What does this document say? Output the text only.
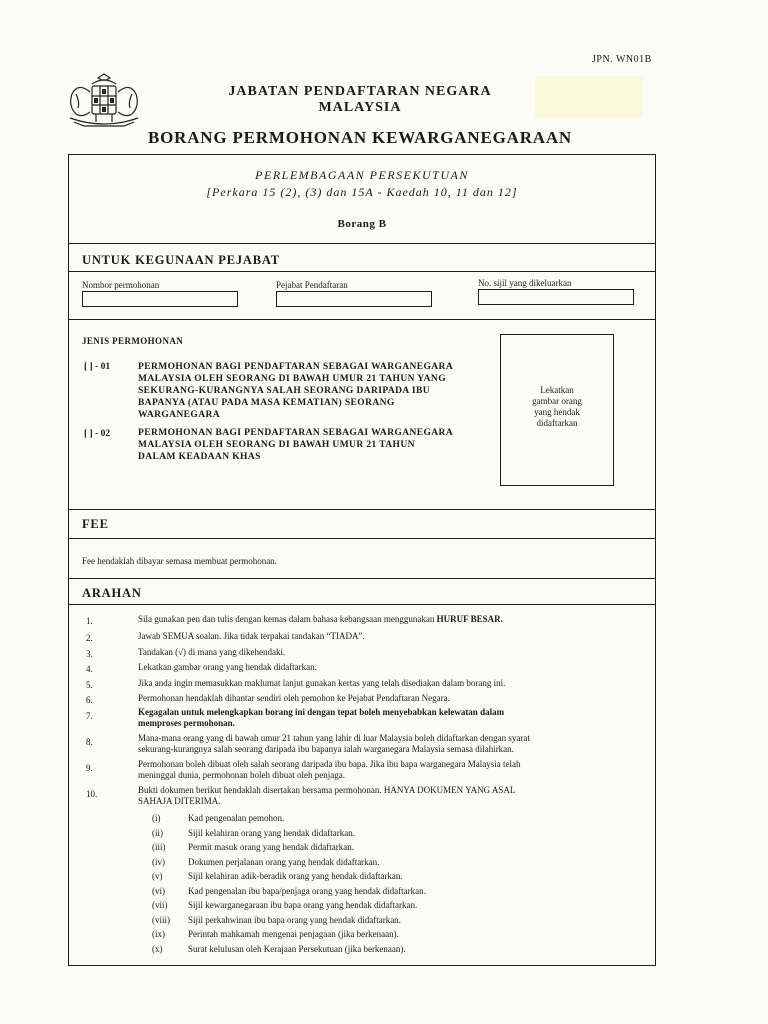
JPN. WN01B
JABATAN PENDAFTARAN NEGARA
MALAYSIA
BORANG PERMOHONAN KEWARGANEGARAAN
PERLEMBAGAAN PERSEKUTUAN
[Perkara 15 (2), (3) dan 15A - Kaedah 10, 11 dan 12]
Borang B
UNTUK KEGUNAAN PEJABAT
Nombor permohonan	Pejabat Pendaftaran	No. sijil yang dikeluarkan
JENIS PERMOHONAN
[ ] - 01	PERMOHONAN BAGI PENDAFTARAN SEBAGAI WARGANEGARA
MALAYSIA OLEH SEORANG DI BAWAH UMUR 21 TAHUN YANG
SEKURANG-KURANGNYA SALAH SEORANG DARIPADA IBU
BAPANYA (ATAU PADA MASA KEMATIAN) SEORANG
WARGANEGARA
[ ] - 02	PERMOHONAN BAGI PENDAFTARAN SEBAGAI WARGANEGARA
MALAYSIA OLEH SEORANG DI BAWAH UMUR 21 TAHUN
DALAM KEADAAN KHAS
Lekatkan
gambar orang
yang hendak
didaftarkan
FEE
Fee hendaklah dibayar semasa membuat permohonan.
ARAHAN
1.	Sila gunakan pen dan tulis dengan kemas dalam bahasa kebangsaan menggunakan HURUF BESAR.
2.	Jawab SEMUA soalan. Jika tidak terpakai tandakan “TIADA”.
3.	Tandakan (√) di mana yang dikehendaki.
4.	Lekatkan gambar orang yang hendak didaftarkan.
5.	Jika anda ingin memasukkan maklumat lanjut gunakan kertas yang telah disediakan dalam borang ini.
6.	Permohonan hendaklah dihantar sendiri oleh pemohon ke Pejabat Pendaftaran Negara.
7.	Kegagalan untuk melengkapkan borang ini dengan tepat boleh menyebabkan kelewatan dalam
memproses permohonan.
8.	Mana-mana orang yang di bawah umur 21 tahun yang lahir di luar Malaysia boleh didaftarkan dengan syarat
sekurang-kurangnya salah seorang daripada ibu bapanya ialah warganegara Malaysia semasa dilahirkan.
9.	Permohonan boleh dibuat oleh salah seorang daripada ibu bapa. Jika ibu bapa warganegara Malaysia telah
meninggal dunia, permohonan boleh dibuat oleh penjaga.
10.	Bukti dokumen berikut hendaklah disertakan bersama permohonan. HANYA DOKUMEN YANG ASAL
SAHAJA DITERIMA.
(i)	Kad pengenalan pemohon.
(ii)	Sijil kelahiran orang yang hendak didaftarkan.
(iii)	Permit masuk orang yang hendak didaftarkan.
(iv)	Dokumen perjalanan orang yang hendak didaftarkan.
(v)	Sijil kelahiran adik-beradik orang yang hendak didaftarkan.
(vi)	Kad pengenalan ibu bapa/penjaga orang yang hendak didaftarkan.
(vii)	Sijil kewarganegaraan ibu bapa orang yang hendak didaftarkan.
(viii)	Sijil perkahwinan ibu bapa orang yang hendak didaftarkan.
(ix)	Perintah mahkamah mengenai penjagaan (jika berkenaan).
(x)	Surat kelulusan oleh Kerajaan Persekutuan (jika berkenaan).
